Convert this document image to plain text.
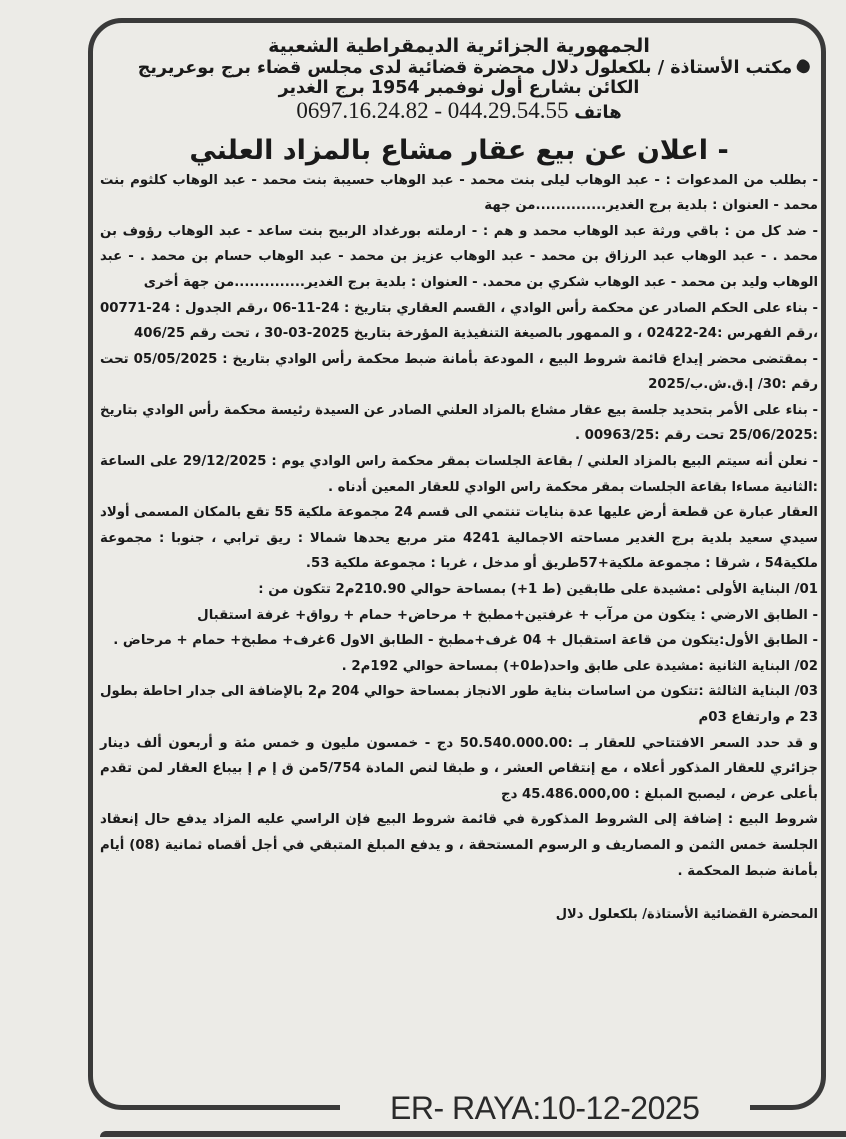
الجمهورية الجزائرية الديمقراطية الشعبية
مكتب الأستاذة / بلكعلول دلال محضرة قضائية لدى مجلس قضاء برج بوعريريج
الكائن بشارع أول نوفمبر 1954 برج الغدير
هاتف 0697.16.24.82 - 044.29.54.55
- اعلان عن بيع عقار مشاع بالمزاد العلني

- بطلب من المدعوات : - عبد الوهاب ليلى بنت محمد - عبد الوهاب حسيبة بنت محمد - عبد الوهاب كلثوم بنت محمد - العنوان : بلدية برج الغدير..............من جهة

- ضد كل من : باقي ورثة عبد الوهاب محمد و هم : - ارملته بورغداد الربيح بنت ساعد - عبد الوهاب رؤوف بن محمد . - عبد الوهاب عبد الرزاق بن محمد - عبد الوهاب عزيز بن محمد - عبد الوهاب حسام بن محمد . - عبد الوهاب وليد بن محمد - عبد الوهاب شكري بن محمد. - العنوان : بلدية برج الغدير..............من جهة أخرى

- بناء على الحكم الصادر عن محكمة رأس الوادي ، القسم العقاري بتاريخ : 24-11-06 ،رقم الجدول : 24-00771 ،رقم الفهرس :24-02422 ، و الممهور بالصيغة التنفيذية المؤرخة بتاريخ 2025-03-30 ، تحت رقم 406/25

- بمقتضى محضر إيداع قائمة شروط البيع ، المودعة بأمانة ضبط محكمة رأس الوادي بتاريخ : 05/05/2025 تحت رقم :30/ إ.ق.ش.ب/2025

- بناء على الأمر بتحديد جلسة بيع عقار مشاع بالمزاد العلني الصادر عن السيدة رئيسة محكمة رأس الوادي بتاريخ :25/06/2025 تحت رقم :00963/25 .

- نعلن أنه سيتم البيع بالمزاد العلني / بقاعة الجلسات بمقر محكمة راس الوادي يوم : 29/12/2025 على الساعة :الثانية مساءا بقاعة الجلسات بمقر محكمة راس الوادي للعقار المعين أدناه .

العقار عبارة عن قطعة أرض عليها عدة بنايات تنتمي الى قسم 24 مجموعة ملكية 55 تقع بالمكان المسمى أولاد سيدي سعيد بلدية برج الغدير مساحته الاجمالية 4241 متر مربع يحدها شمالا : ريق ترابي ، جنوبا : مجموعة ملكية54 ، شرقا : مجموعة ملكية+57طريق أو مدخل ، غربا : مجموعة ملكية 53.

01/ البناية الأولى :مشيدة على طابقين (ط 1+) بمساحة حوالي 210.90م2 تتكون من :

- الطابق الارضي : يتكون من مرآب + غرفتين+مطبخ + مرحاض+ حمام + رواق+ غرفة استقبال

- الطابق الأول:يتكون من قاعة استقبال + 04 غرف+مطبخ - الطابق الاول 6غرف+ مطبخ+ حمام + مرحاض .

02/ البناية الثانية :مشيدة على طابق واحد(ط0+) بمساحة حوالي 192م2 .

03/ البناية الثالثة :تتكون من اساسات بناية طور الانجاز بمساحة حوالي 204 م2 بالإضافة الى جدار احاطة بطول 23 م وارتفاع 03م

و قد حدد السعر الافتتاحي للعقار بـ :50.540.000.00 دج - خمسون مليون و خمس مئة و أربعون ألف دينار جزائري للعقار المذكور أعلاه ، مع إنتقاص العشر ، و طبقا لنص المادة 5/754من ق إ م إ بيباع العقار لمن تقدم بأعلى عرض ، ليصبح المبلغ : 45.486.000,00 دج

شروط البيع : إضافة إلى الشروط المذكورة في قائمة شروط البيع فإن الراسي عليه المزاد يدفع حال إنعقاد الجلسة خمس الثمن و المصاريف و الرسوم المستحقة ، و يدفع المبلغ المتبقي في أجل أقصاه ثمانية (08) أيام بأمانة ضبط المحكمة .

المحضرة القضائية الأستاذة/ بلكعلول دلال

ER- RAYA:10-12-2025
